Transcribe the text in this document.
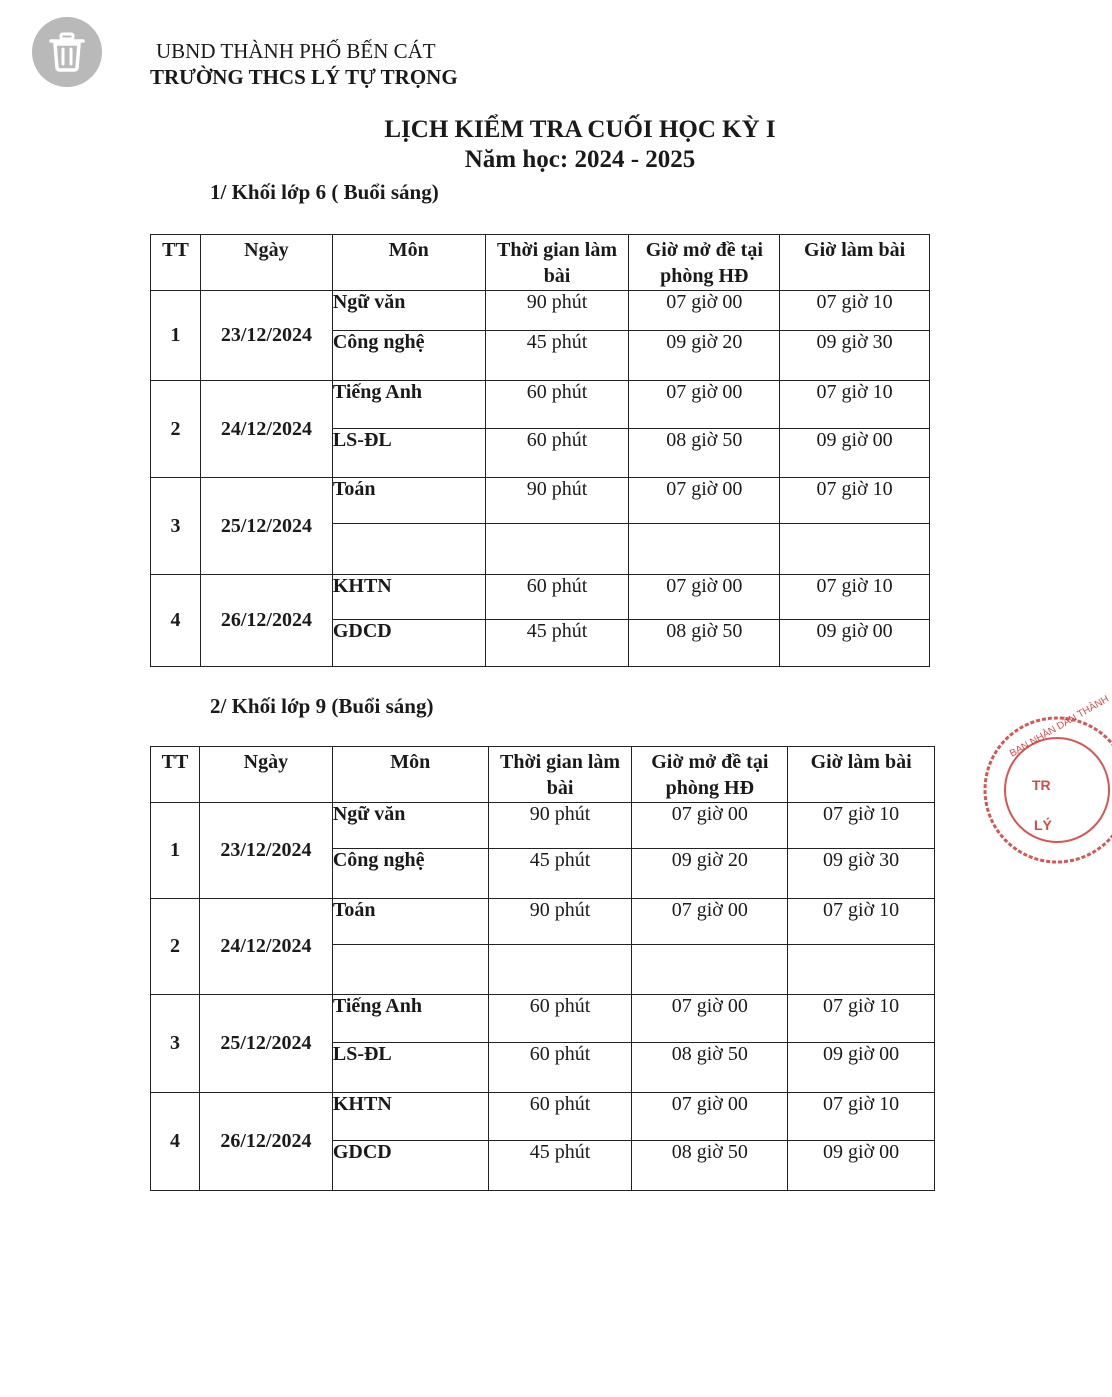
UBND THÀNH PHỐ BẾN CÁT
TRƯỜNG THCS LÝ TỰ TRỌNG
LỊCH KIỂM TRA CUỐI HỌC KỲ I
Năm học: 2024 - 2025
1/ Khối lớp 6 ( Buổi sáng)
TT	Ngày	Môn	Thời gian làm bài	Giờ mở đề tại phòng HĐ	Giờ làm bài
1	23/12/2024	Ngữ văn	90 phút	07 giờ 00	07 giờ 10
		Công nghệ	45 phút	09 giờ 20	09 giờ 30
2	24/12/2024	Tiếng Anh	60 phút	07 giờ 00	07 giờ 10
		LS-ĐL	60 phút	08 giờ 50	09 giờ 00
3	25/12/2024	Toán	90 phút	07 giờ 00	07 giờ 10

4	26/12/2024	KHTN	60 phút	07 giờ 00	07 giờ 10
		GDCD	45 phút	08 giờ 50	09 giờ 00
2/ Khối lớp 9 (Buổi sáng)
TT	Ngày	Môn	Thời gian làm bài	Giờ mở đề tại phòng HĐ	Giờ làm bài
1	23/12/2024	Ngữ văn	90 phút	07 giờ 00	07 giờ 10
		Công nghệ	45 phút	09 giờ 20	09 giờ 30
2	24/12/2024	Toán	90 phút	07 giờ 00	07 giờ 10

3	25/12/2024	Tiếng Anh	60 phút	07 giờ 00	07 giờ 10
		LS-ĐL	60 phút	08 giờ 50	09 giờ 00
4	26/12/2024	KHTN	60 phút	07 giờ 00	07 giờ 10
		GDCD	45 phút	08 giờ 50	09 giờ 00
BAN NHÂN DÂN THÀNH
TR
LÝ
